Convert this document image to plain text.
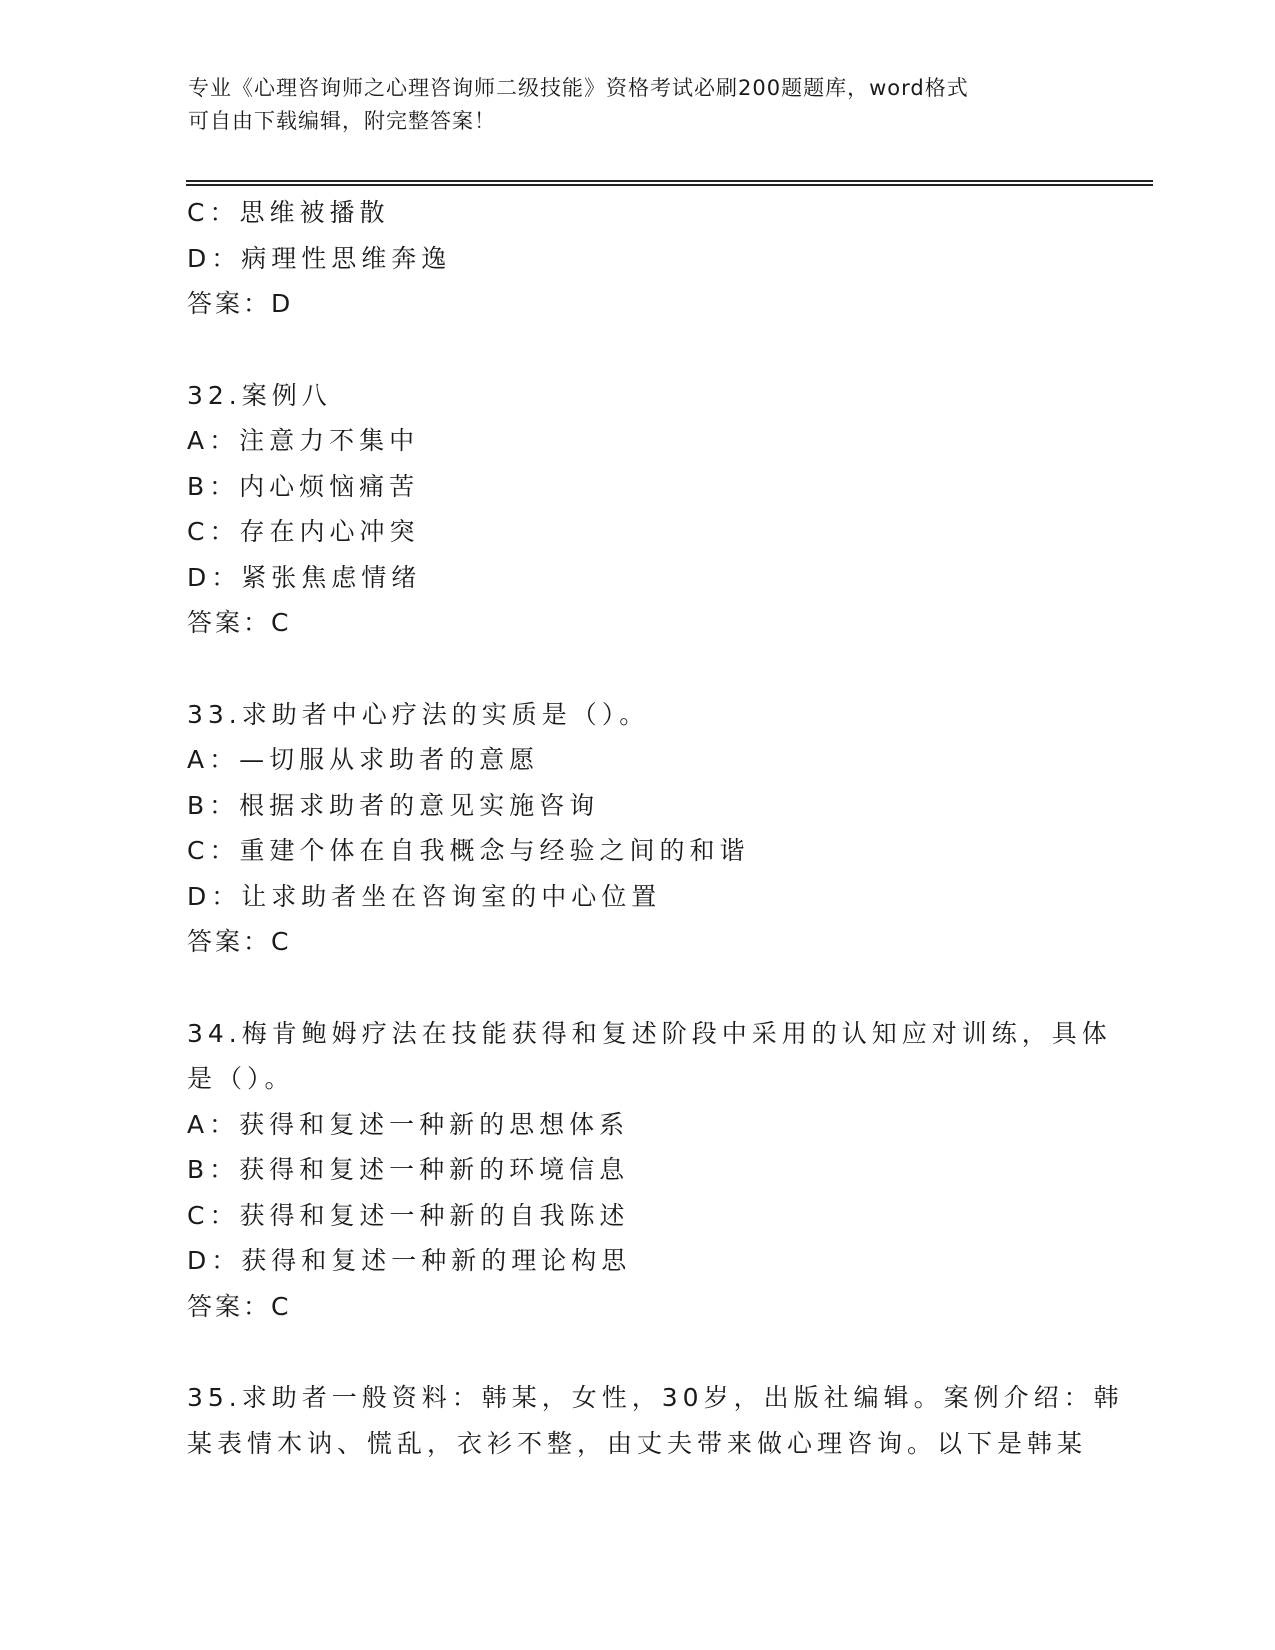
专业《心理咨询师之心理咨询师二级技能》资格考试必刷200题题库，word格式
可自由下载编辑，附完整答案！
C：思维被播散
D：病理性思维奔逸
答案：D
32.案例八
A：注意力不集中
B：内心烦恼痛苦
C：存在内心冲突
D：紧张焦虑情绪
答案：C
33.求助者中心疗法的实质是（）。
A：—切服从求助者的意愿
B：根据求助者的意见实施咨询
C：重建个体在自我概念与经验之间的和谐
D：让求助者坐在咨询室的中心位置
答案：C
34.梅肯鲍姆疗法在技能获得和复述阶段中采用的认知应对训练，具体
是（）。
A：获得和复述一种新的思想体系
B：获得和复述一种新的环境信息
C：获得和复述一种新的自我陈述
D：获得和复述一种新的理论构思
答案：C
35.求助者一般资料：韩某，女性，30岁，出版社编辑。案例介绍：韩
某表情木讷、慌乱，衣衫不整，由丈夫带来做心理咨询。以下是韩某
